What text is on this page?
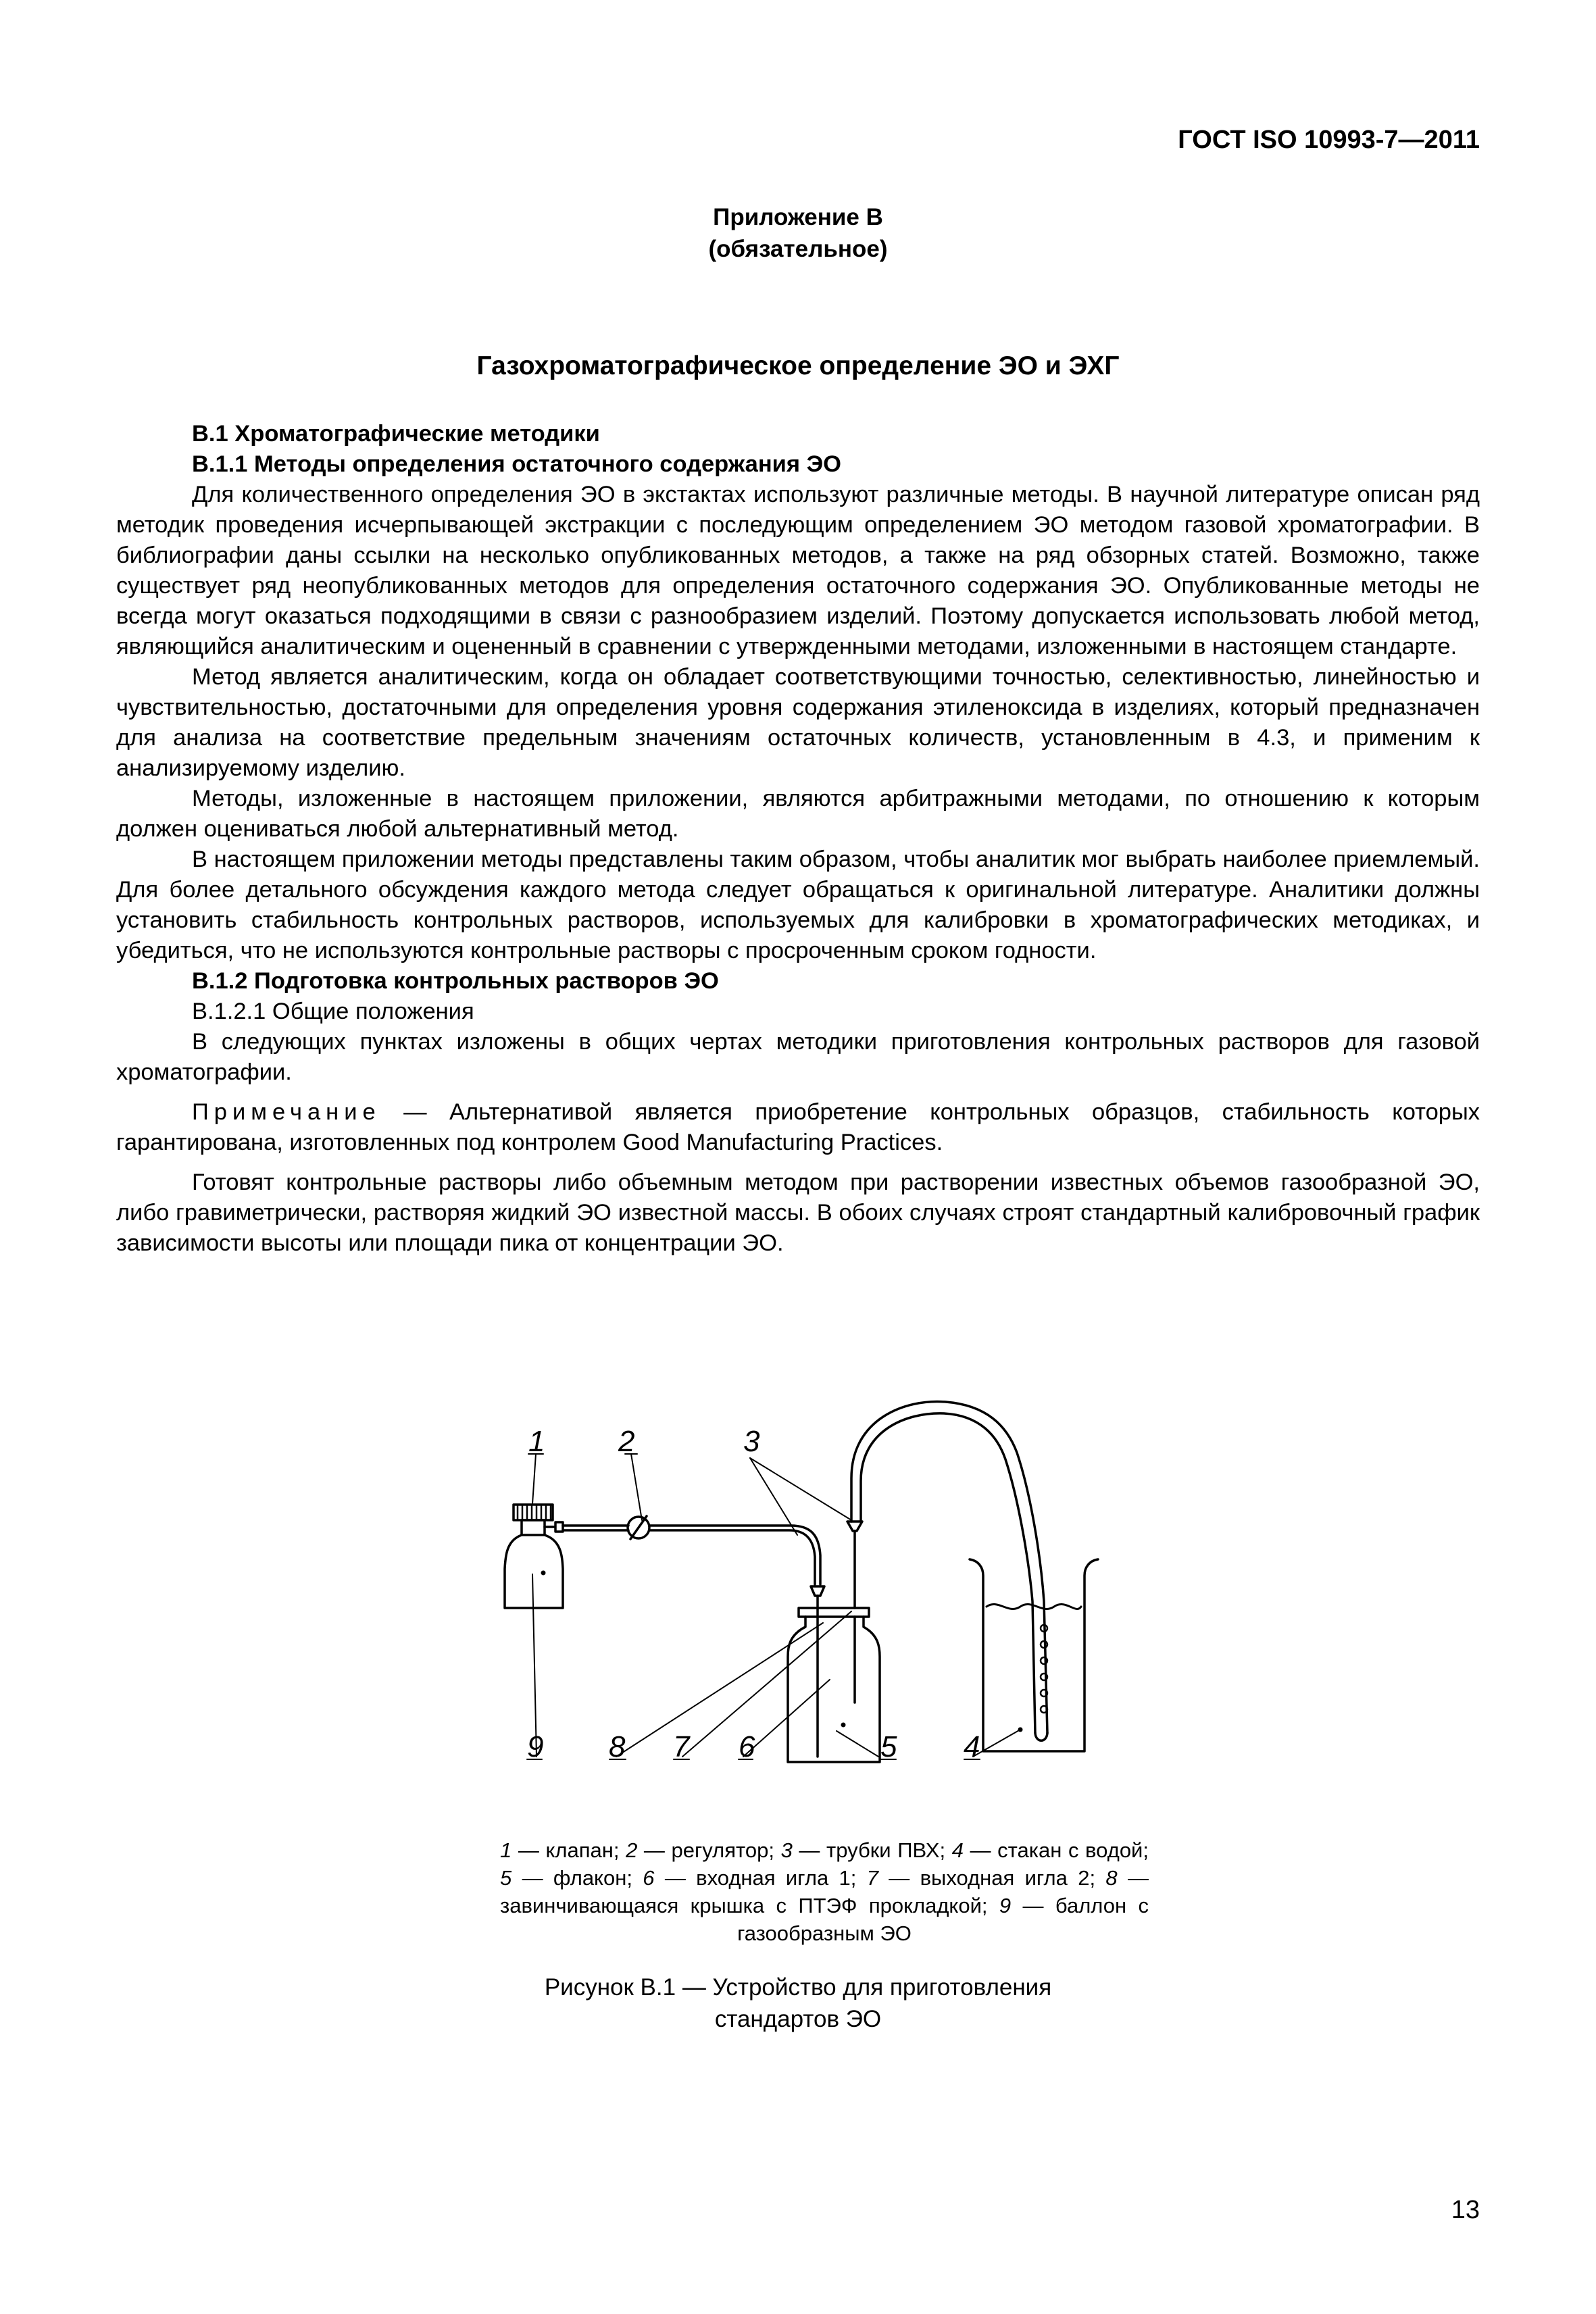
ГОСТ ISO 10993-7—2011
Приложение В
(обязательное)
Газохроматографическое определение ЭО и ЭХГ

В.1 Хроматографические методики

В.1.1 Методы определения остаточного содержания ЭО

Для количественного определения ЭО в экстактах используют различные методы. В научной литературе описан ряд методик проведения исчерпывающей экстракции с последующим определением ЭО методом газовой хроматографии. В библиографии даны ссылки на несколько опубликованных методов, а также на ряд обзорных статей. Возможно, также существует ряд неопубликованных методов для определения остаточного содержания ЭО. Опубликованные методы не всегда могут оказаться подходящими в связи с разнообразием изделий. Поэтому допускается использовать любой метод, являющийся аналитическим и оцененный в сравнении с утвержденными методами, изложенными в настоящем стандарте.

Метод является аналитическим, когда он обладает соответствующими точностью, селективностью, линейностью и чувствительностью, достаточными для определения уровня содержания этиленоксида в изделиях, который предназначен для анализа на соответствие предельным значениям остаточных количеств, установленным в 4.3, и применим к анализируемому изделию.

Методы, изложенные в настоящем приложении, являются арбитражными методами, по отношению к которым должен оцениваться любой альтернативный метод.

В настоящем приложении методы представлены таким образом, чтобы аналитик мог выбрать наиболее приемлемый. Для более детального обсуждения каждого метода следует обращаться к оригинальной литературе. Аналитики должны установить стабильность контрольных растворов, используемых для калибровки в хроматографических методиках, и убедиться, что не используются контрольные растворы с просроченным сроком годности.

В.1.2 Подготовка контрольных растворов ЭО

В.1.2.1 Общие положения

В следующих пунктах изложены в общих чертах методики приготовления контрольных растворов для газовой хроматографии.

Примечание — Альтернативой является приобретение контрольных образцов, стабильность которых гарантирована, изготовленных под контролем Good Manufacturing Practices.

Готовят контрольные растворы либо объемным методом при растворении известных объемов газообразной ЭО, либо гравиметрически, растворяя жидкий ЭО известной массы. В обоих случаях строят стандартный калибровочный график зависимости высоты или площади пика от концентрации ЭО.

1 2	3
4
5
6
7
8
9
1 — клапан; 2 — регулятор; 3 — трубки ПВХ; 4 — стакан с водой; 5 — флакон; 6 — входная игла 1; 7 — выходная игла 2; 8 — завинчивающаяся крышка с ПТЭФ прокладкой; 9 — баллон с газообразным ЭО
Рисунок В.1 — Устройство для приготовления
стандартов ЭО
13
